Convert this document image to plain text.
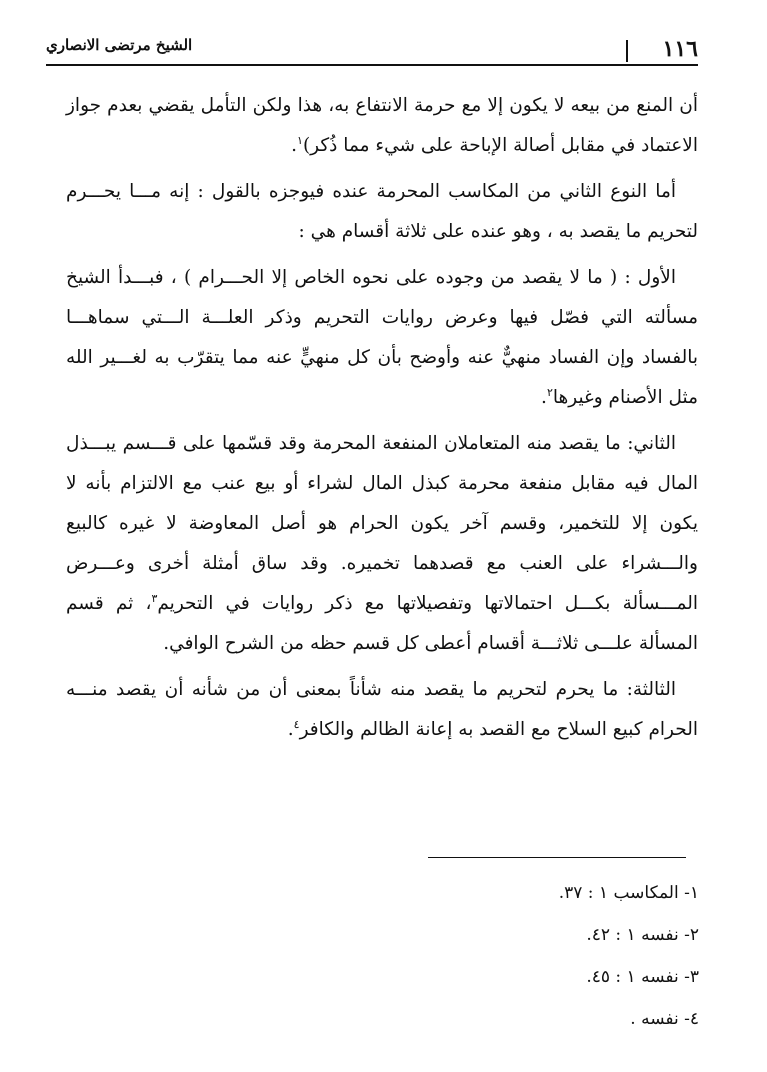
١١٦
الشيخ مرتضى الانصاري

أن المنع من بيعه لا يكون إلا مع حرمة الانتفاع به، هذا ولكن التأمل يقضي بعدم جواز الاعتماد في مقابل أصالة الإباحة على شيء مما ذُكر)$^١$.

أما النوع الثاني من المكاسب المحرمة عنده فيوجزه بالقول : إنه مـــا يحـــرم لتحريم ما يقصد به ، وهو عنده على ثلاثة أقسام هي :

الأول : ( ما لا يقصد من وجوده على نحوه الخاص إلا الحـــرام ) ، فبـــدأ الشيخ مسألته التي فصّل فيها وعرض روايات التحريم وذكر العلـــة الـــتي سماهـــا بالفساد وإن الفساد منهيٌّ عنه وأوضح بأن كل منهيٍّ عنه مما يتقرّب به لغـــير الله مثل الأصنام وغيرها$^٢$.

الثاني: ما يقصد منه المتعاملان المنفعة المحرمة وقد قسّمها على قـــسم يبـــذل المال فيه مقابل منفعة محرمة كبذل المال لشراء أو بيع عنب مع الالتزام بأنه لا يكون إلا للتخمير، وقسم آخر يكون الحرام هو أصل المعاوضة لا غيره كالبيع والـــشراء على العنب مع قصدهما تخميره. وقد ساق أمثلة أخرى وعـــرض المـــسألة بكـــل احتمالاتها وتفصيلاتها مع ذكر روايات في التحريم$^٣$، ثم قسم المسألة علـــى ثلاثـــة أقسام أعطى كل قسم حظه من الشرح الوافي.

الثالثة: ما يحرم لتحريم ما يقصد منه شأناً بمعنى أن من شأنه أن يقصد منـــه الحرام كبيع السلاح مع القصد به إعانة الظالم والكافر$^٤$.

١- المكاسب ١ : ٣٧.
٢- نفسه ١ : ٤٢.
٣- نفسه ١ : ٤٥.
٤- نفسه .
